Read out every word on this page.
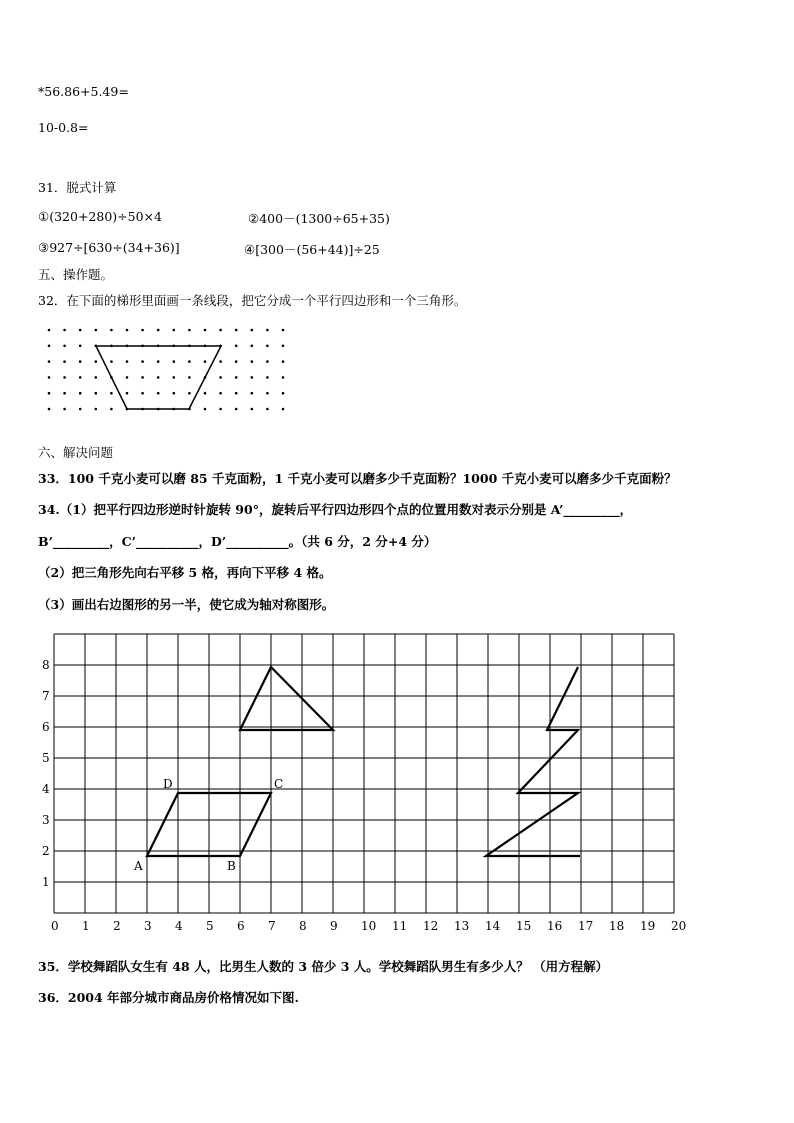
*56.86+5.49=
10-0.8=
31．脱式计算
①(320+280)÷50×4	②400－(1300÷65+35)
③927÷[630÷(34+36)]	④[300－(56+44)]÷25
五、操作题。
32．在下面的梯形里面画一条线段，把它分成一个平行四边形和一个三角形。
六、解决问题
33．100 千克小麦可以磨 85 千克面粉，1 千克小麦可以磨多少千克面粉？1000 千克小麦可以磨多少千克面粉？
34.（1）把平行四边形逆时针旋转 90°，旋转后平行四边形四个点的位置用数对表示分别是 A’_________，
B’_________，C’__________，D’__________。（共 6 分，2 分+4 分）
（2）把三角形先向右平移 5 格，再向下平移 4 格。
（3）画出右边图形的另一半，使它成为轴对称图形。
0 1 2 3 4 5 6 7 8 9 10 11 12 13 14 15 16 17 18 19 20
1
2
3
4
5
6
7
8
A	B
C
D
35．学校舞蹈队女生有 48 人，比男生人数的 3 倍少 3 人。学校舞蹈队男生有多少人？ （用方程解）
36．2004 年部分城市商品房价格情况如下图.
